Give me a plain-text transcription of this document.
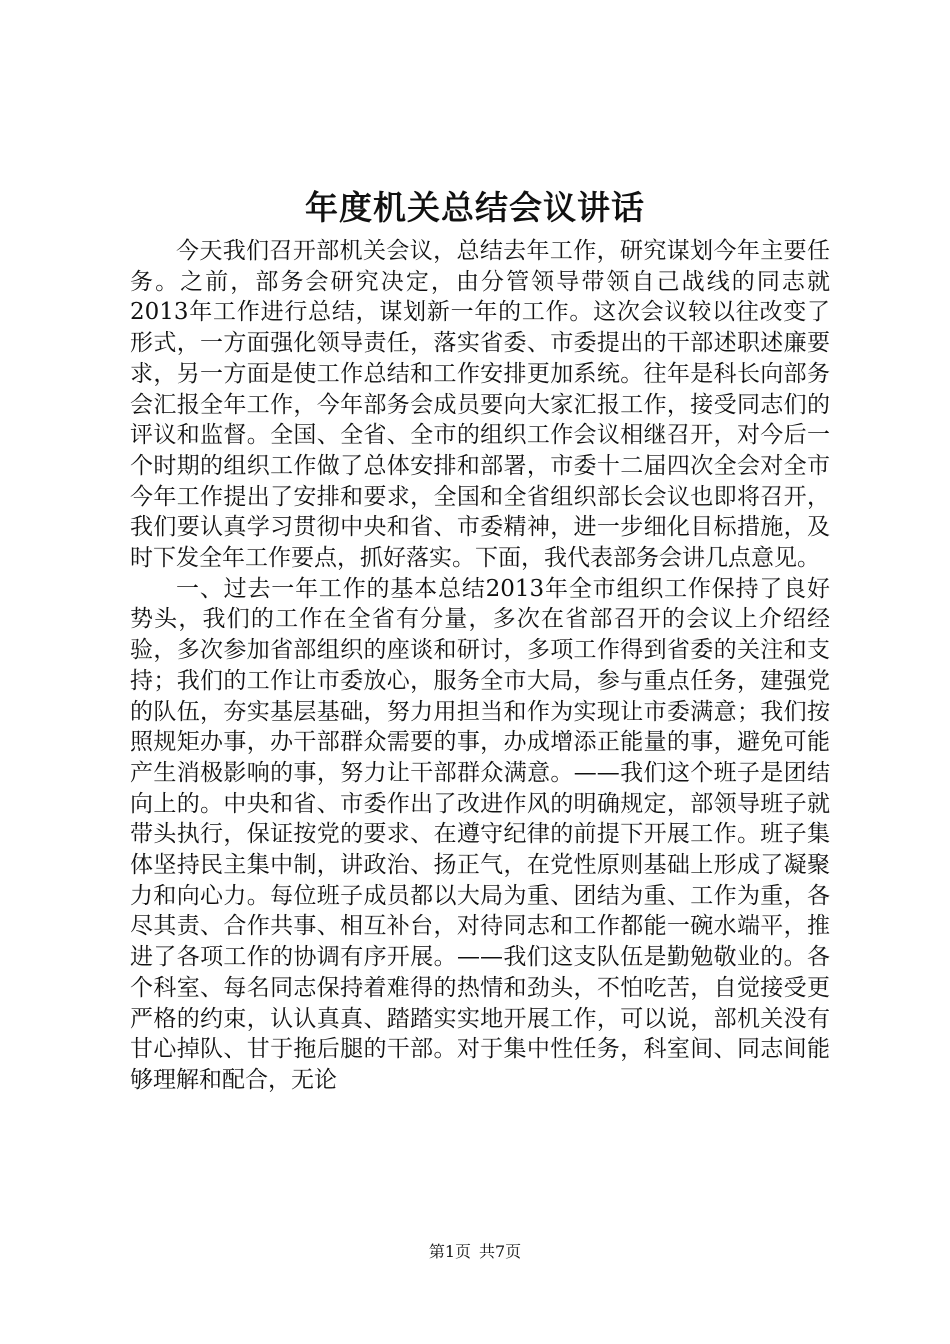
年度机关总结会议讲话

今天我们召开部机关会议，总结去年工作，研究谋划今年主要任务。之前，部务会研究决定，由分管领导带领自己战线的同志就2013年工作进行总结，谋划新一年的工作。这次会议较以往改变了形式，一方面强化领导责任，落实省委、市委提出的干部述职述廉要求，另一方面是使工作总结和工作安排更加系统。往年是科长向部务会汇报全年工作，今年部务会成员要向大家汇报工作，接受同志们的评议和监督。全国、全省、全市的组织工作会议相继召开，对今后一个时期的组织工作做了总体安排和部署，市委十二届四次全会对全市今年工作提出了安排和要求，全国和全省组织部长会议也即将召开，我们要认真学习贯彻中央和省、市委精神，进一步细化目标措施，及时下发全年工作要点，抓好落实。下面，我代表部务会讲几点意见。

一、过去一年工作的基本总结2013年全市组织工作保持了良好势头，我们的工作在全省有分量，多次在省部召开的会议上介绍经验，多次参加省部组织的座谈和研讨，多项工作得到省委的关注和支持；我们的工作让市委放心，服务全市大局，参与重点任务，建强党的队伍，夯实基层基础，努力用担当和作为实现让市委满意；我们按照规矩办事，办干部群众需要的事，办成增添正能量的事，避免可能产生消极影响的事，努力让干部群众满意。——我们这个班子是团结向上的。中央和省、市委作出了改进作风的明确规定，部领导班子就带头执行，保证按党的要求、在遵守纪律的前提下开展工作。班子集体坚持民主集中制，讲政治、扬正气，在党性原则基础上形成了凝聚力和向心力。每位班子成员都以大局为重、团结为重、工作为重，各尽其责、合作共事、相互补台，对待同志和工作都能一碗水端平，推进了各项工作的协调有序开展。——我们这支队伍是勤勉敬业的。各个科室、每名同志保持着难得的热情和劲头，不怕吃苦，自觉接受更严格的约束，认认真真、踏踏实实地开展工作，可以说，部机关没有甘心掉队、甘于拖后腿的干部。对于集中性任务，科室间、同志间能够理解和配合，无论

第1页 共7页
